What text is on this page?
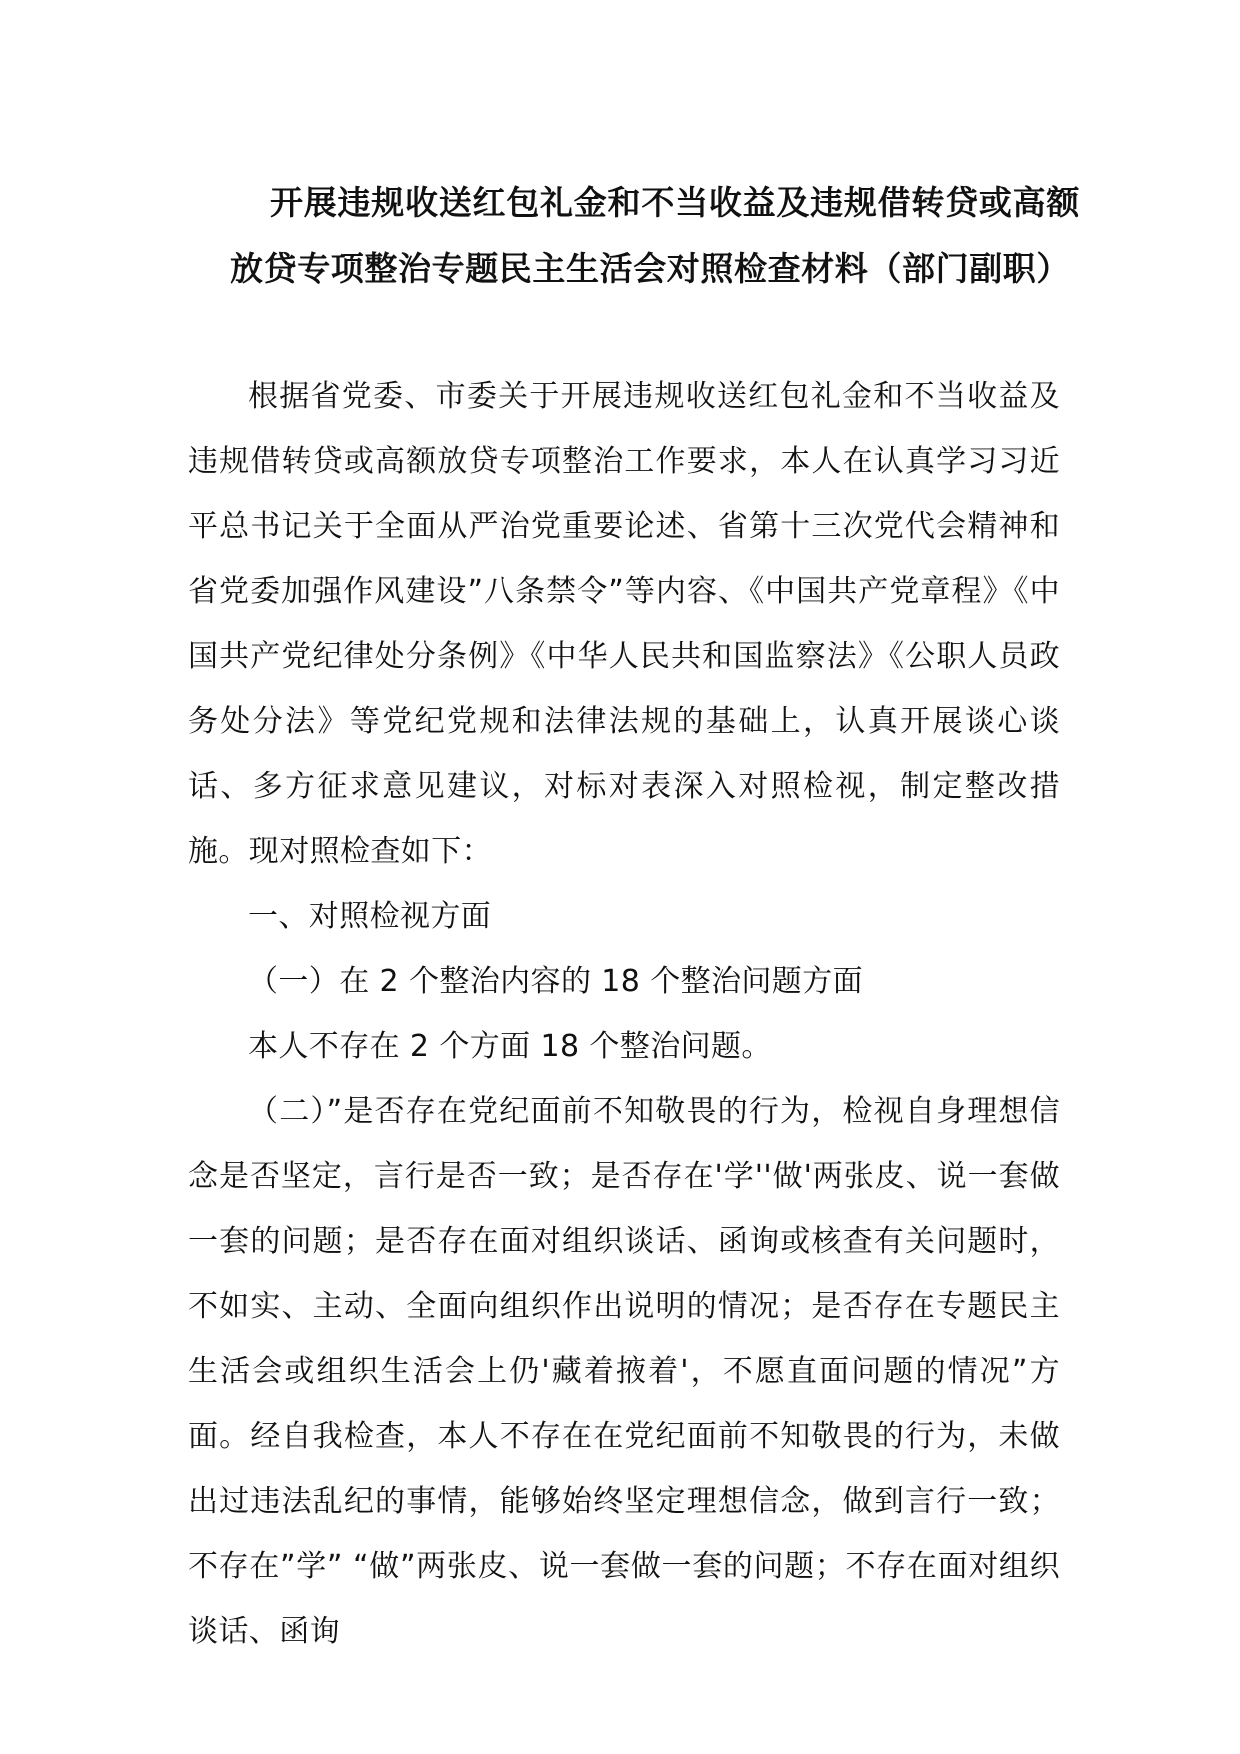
开展违规收送红包礼金和不当收益及违规借转贷或高额放贷专项整治专题民主生活会对照检查材料（部门副职）

根据省党委、市委关于开展违规收送红包礼金和不当收益及违规借转贷或高额放贷专项整治工作要求，本人在认真学习习近平总书记关于全面从严治党重要论述、省第十三次党代会精神和省党委加强作风建设”八条禁令”等内容、《中国共产党章程》《中国共产党纪律处分条例》《中华人民共和国监察法》《公职人员政务处分法》等党纪党规和法律法规的基础上，认真开展谈心谈话、多方征求意见建议，对标对表深入对照检视，制定整改措施。现对照检查如下：

一、对照检视方面

（一）在 2 个整治内容的 18 个整治问题方面

本人不存在 2 个方面 18 个整治问题。

（二）”是否存在党纪面前不知敬畏的行为，检视自身理想信念是否坚定，言行是否一致；是否存在'学''做'两张皮、说一套做一套的问题；是否存在面对组织谈话、函询或核查有关问题时，不如实、主动、全面向组织作出说明的情况；是否存在专题民主生活会或组织生活会上仍'藏着掖着'，不愿直面问题的情况”方面。经自我检查，本人不存在在党纪面前不知敬畏的行为，未做出过违法乱纪的事情，能够始终坚定理想信念，做到言行一致；不存在”学” “做”两张皮、说一套做一套的问题；不存在面对组织谈话、函询
